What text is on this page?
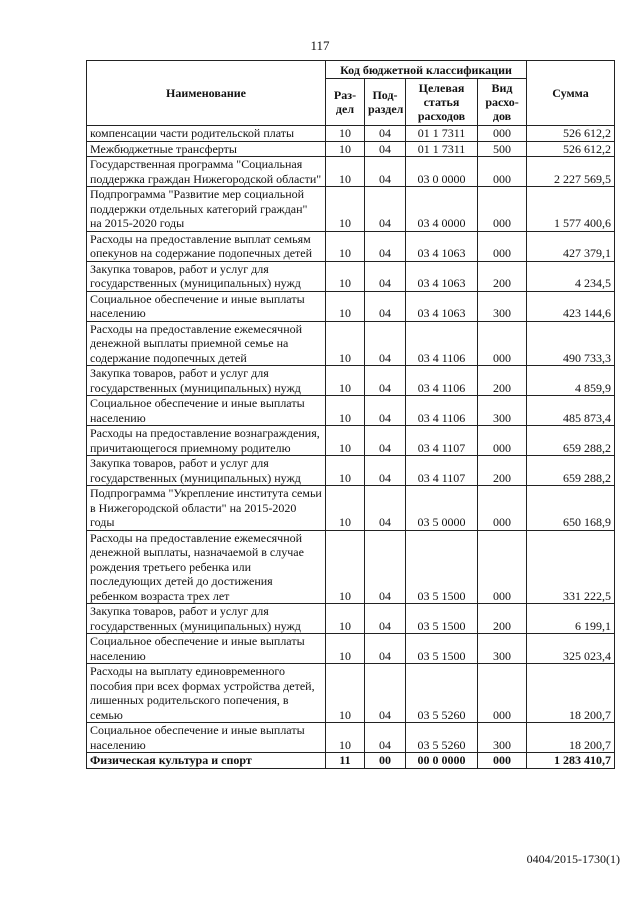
117
Наименование	Код бюджетной классификации				Сумма
	Раз-дел	Под-раздел	Целевая статья расходов	Вид расхо-дов	
компенсации части родительской платы	10	04	01 1 7311	000	526 612,2
Межбюджетные трансферты	10	04	01 1 7311	500	526 612,2
Государственная программа "Социальная поддержка граждан Нижегородской области"	10	04	03 0 0000	000	2 227 569,5
Подпрограмма "Развитие мер социальной поддержки отдельных категорий граждан" на 2015-2020 годы	10	04	03 4 0000	000	1 577 400,6
Расходы на предоставление выплат семьям опекунов на содержание подопечных детей	10	04	03 4 1063	000	427 379,1
Закупка товаров, работ и услуг для государственных (муниципальных) нужд	10	04	03 4 1063	200	4 234,5
Социальное обеспечение и иные выплаты населению	10	04	03 4 1063	300	423 144,6
Расходы на предоставление ежемесячной денежной выплаты приемной семье на содержание подопечных детей	10	04	03 4 1106	000	490 733,3
Закупка товаров, работ и услуг для государственных (муниципальных) нужд	10	04	03 4 1106	200	4 859,9
Социальное обеспечение и иные выплаты населению	10	04	03 4 1106	300	485 873,4
Расходы на предоставление вознаграждения, причитающегося приемному родителю	10	04	03 4 1107	000	659 288,2
Закупка товаров, работ и услуг для государственных (муниципальных) нужд	10	04	03 4 1107	200	659 288,2
Подпрограмма "Укрепление института семьи в Нижегородской области" на 2015-2020 годы	10	04	03 5 0000	000	650 168,9
Расходы на предоставление ежемесячной денежной выплаты, назначаемой в случае рождения третьего ребенка или последующих детей до достижения ребенком возраста трех лет	10	04	03 5 1500	000	331 222,5
Закупка товаров, работ и услуг для государственных (муниципальных) нужд	10	04	03 5 1500	200	6 199,1
Социальное обеспечение и иные выплаты населению	10	04	03 5 1500	300	325 023,4
Расходы на выплату единовременного пособия при всех формах устройства детей, лишенных родительского попечения, в семью	10	04	03 5 5260	000	18 200,7
Социальное обеспечение и иные выплаты населению	10	04	03 5 5260	300	18 200,7
Физическая культура и спорт	11	00	00 0 0000	000	1 283 410,7
0404/2015-1730(1)
